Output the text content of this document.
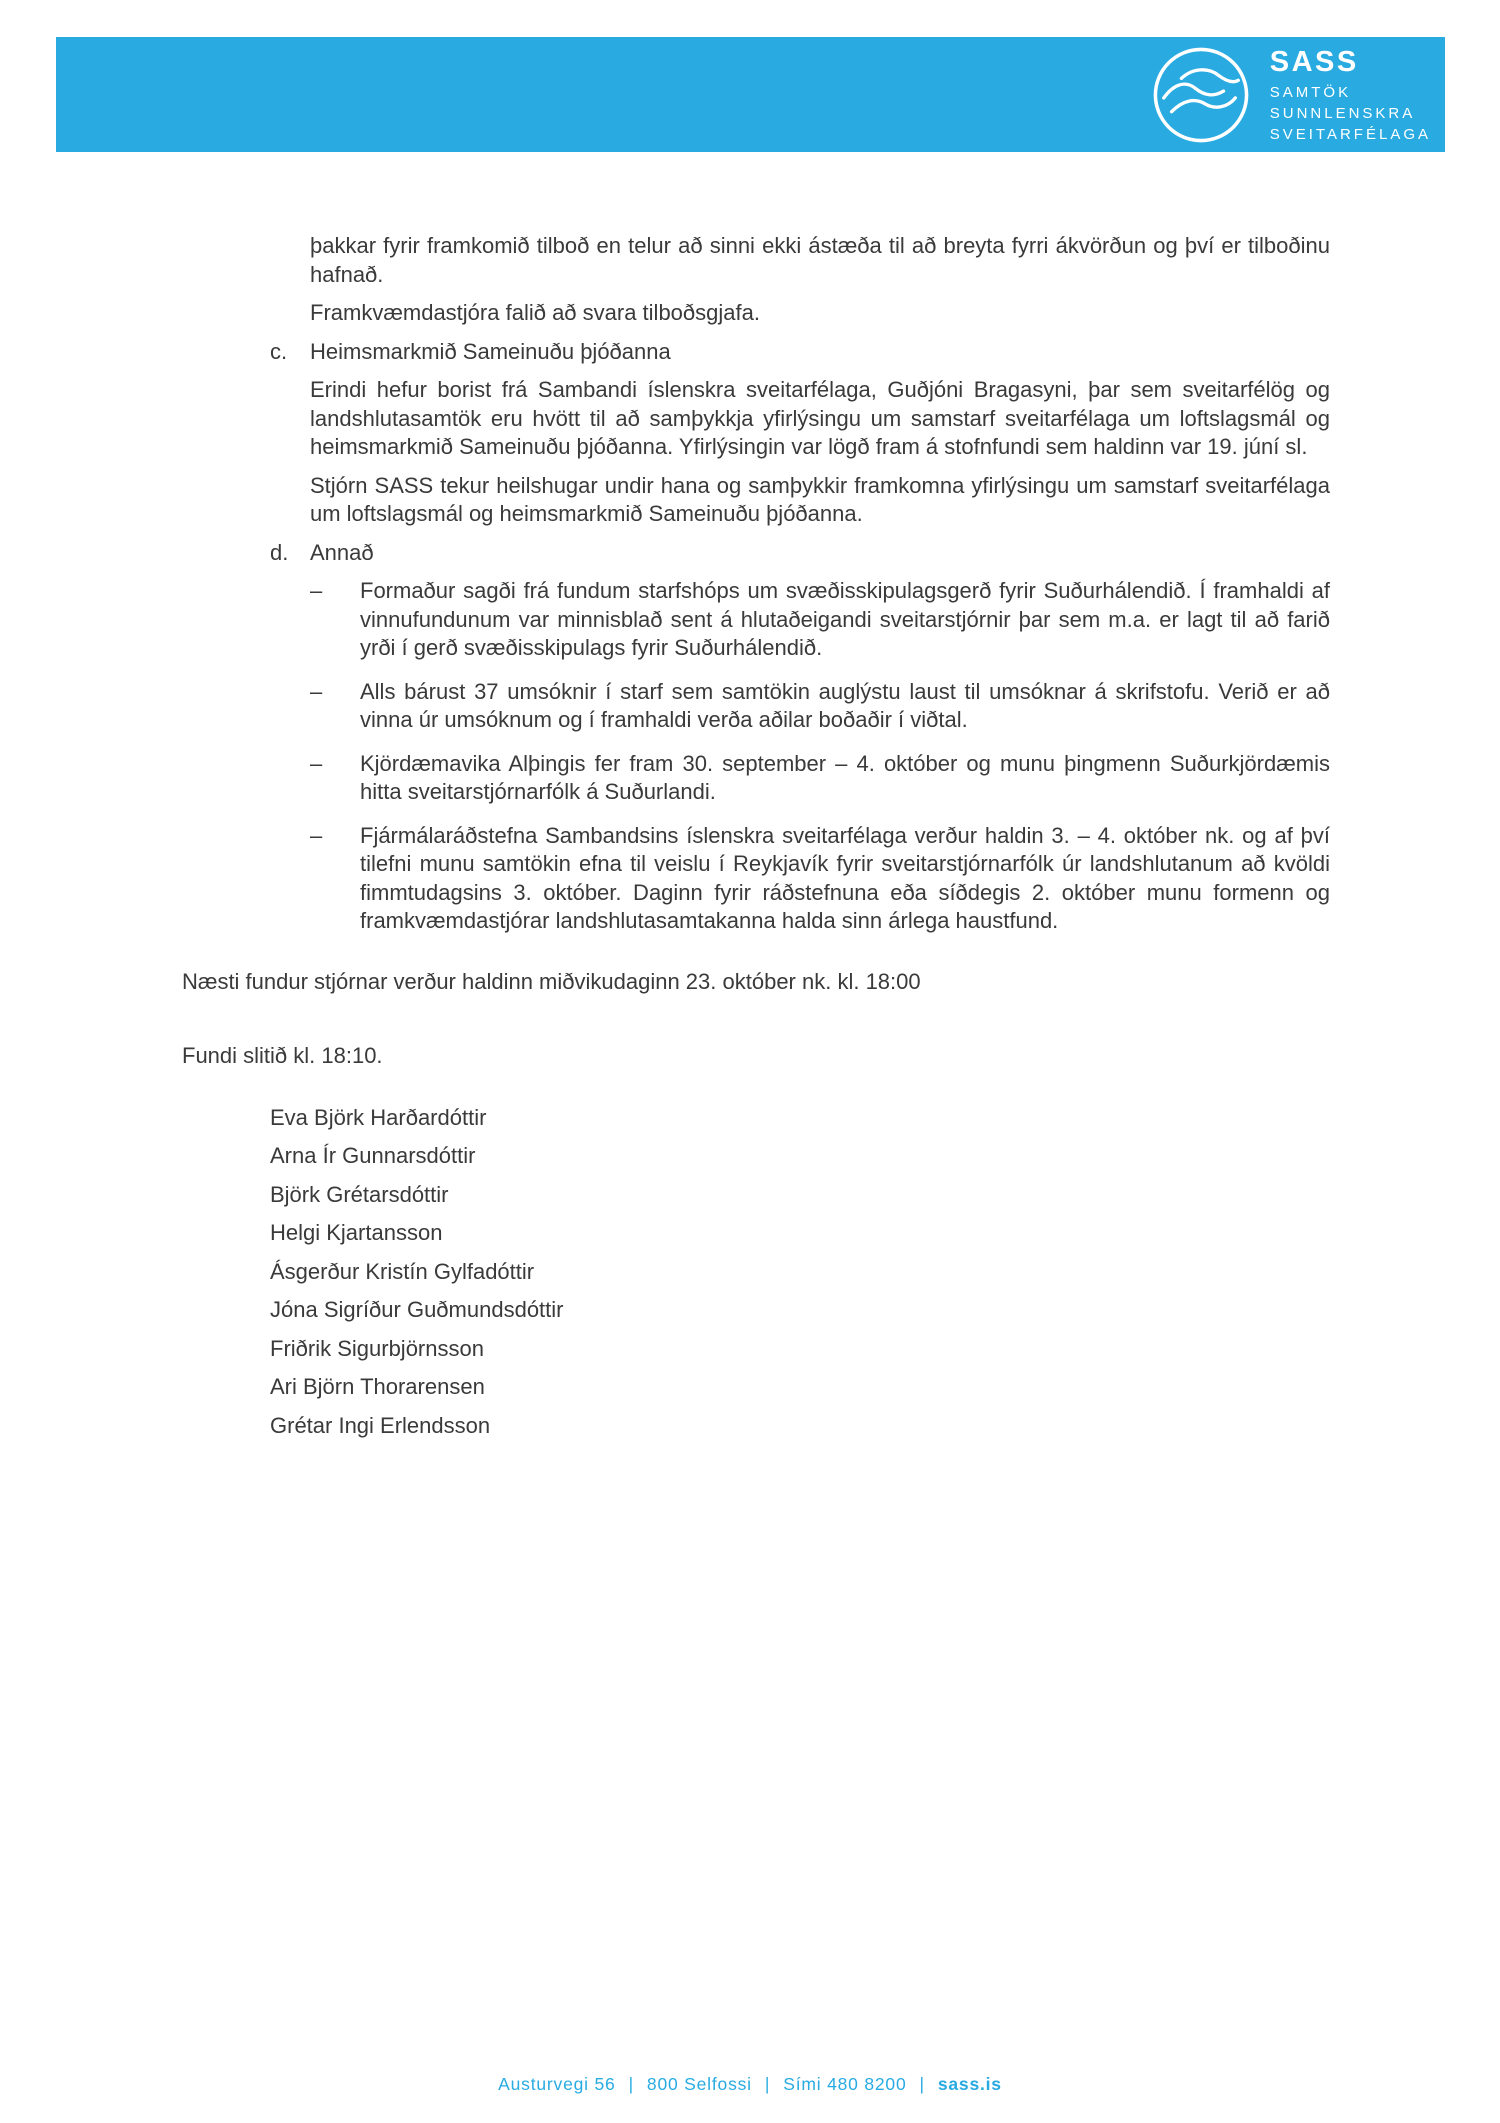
SASS
SAMTÖK
SUNNLENSKRA
SVEITARFÉLAGA

þakkar fyrir framkomið tilboð en telur að sinni ekki ástæða til að breyta fyrri ákvörðun og því er tilboðinu hafnað.

Framkvæmdastjóra falið að svara tilboðsgjafa.

c.	Heimsmarkmið Sameinuðu þjóðanna

Erindi hefur borist frá Sambandi íslenskra sveitarfélaga, Guðjóni Bragasyni, þar sem sveitarfélög og landshlutasamtök eru hvött til að samþykkja yfirlýsingu um samstarf sveitarfélaga um loftslagsmál og heimsmarkmið Sameinuðu þjóðanna. Yfirlýsingin var lögð fram á stofnfundi sem haldinn var 19. júní sl.

Stjórn SASS tekur heilshugar undir hana og samþykkir framkomna yfirlýsingu um samstarf sveitarfélaga um loftslagsmál og heimsmarkmið Sameinuðu þjóðanna.

d. Annað
–	Formaður sagði frá fundum starfshóps um svæðisskipulagsgerð fyrir Suðurhálendið. Í framhaldi af vinnufundunum var minnisblað sent á hlutaðeigandi sveitarstjórnir þar sem m.a. er lagt til að farið yrði í gerð svæðisskipulags fyrir Suðurhálendið.
–	Alls bárust 37 umsóknir í starf sem samtökin auglýstu laust til umsóknar á skrifstofu. Verið er að vinna úr umsóknum og í framhaldi verða aðilar boðaðir í viðtal.
–	Kjördæmavika Alþingis fer fram 30. september – 4. október og munu þingmenn Suðurkjördæmis hitta sveitarstjórnarfólk á Suðurlandi.
–	Fjármálaráðstefna Sambandsins íslenskra sveitarfélaga verður haldin 3. – 4. október nk. og af því tilefni munu samtökin efna til veislu í Reykjavík fyrir sveitarstjórnarfólk úr landshlutanum að kvöldi fimmtudagsins 3. október. Daginn fyrir ráðstefnuna eða síðdegis 2. október munu formenn og framkvæmdastjórar landshlutasamtakanna halda sinn árlega haustfund.

Næsti fundur stjórnar verður haldinn miðvikudaginn 23. október nk. kl. 18:00

Fundi slitið kl. 18:10.

Eva Björk Harðardóttir
Arna Ír Gunnarsdóttir
Björk Grétarsdóttir
Helgi Kjartansson
Ásgerður Kristín Gylfadóttir
Jóna Sigríður Guðmundsdóttir
Friðrik Sigurbjörnsson
Ari Björn Thorarensen
Grétar Ingi Erlendsson
Austurvegi 56 | 800 Selfossi | Sími 480 8200 | sass.is
